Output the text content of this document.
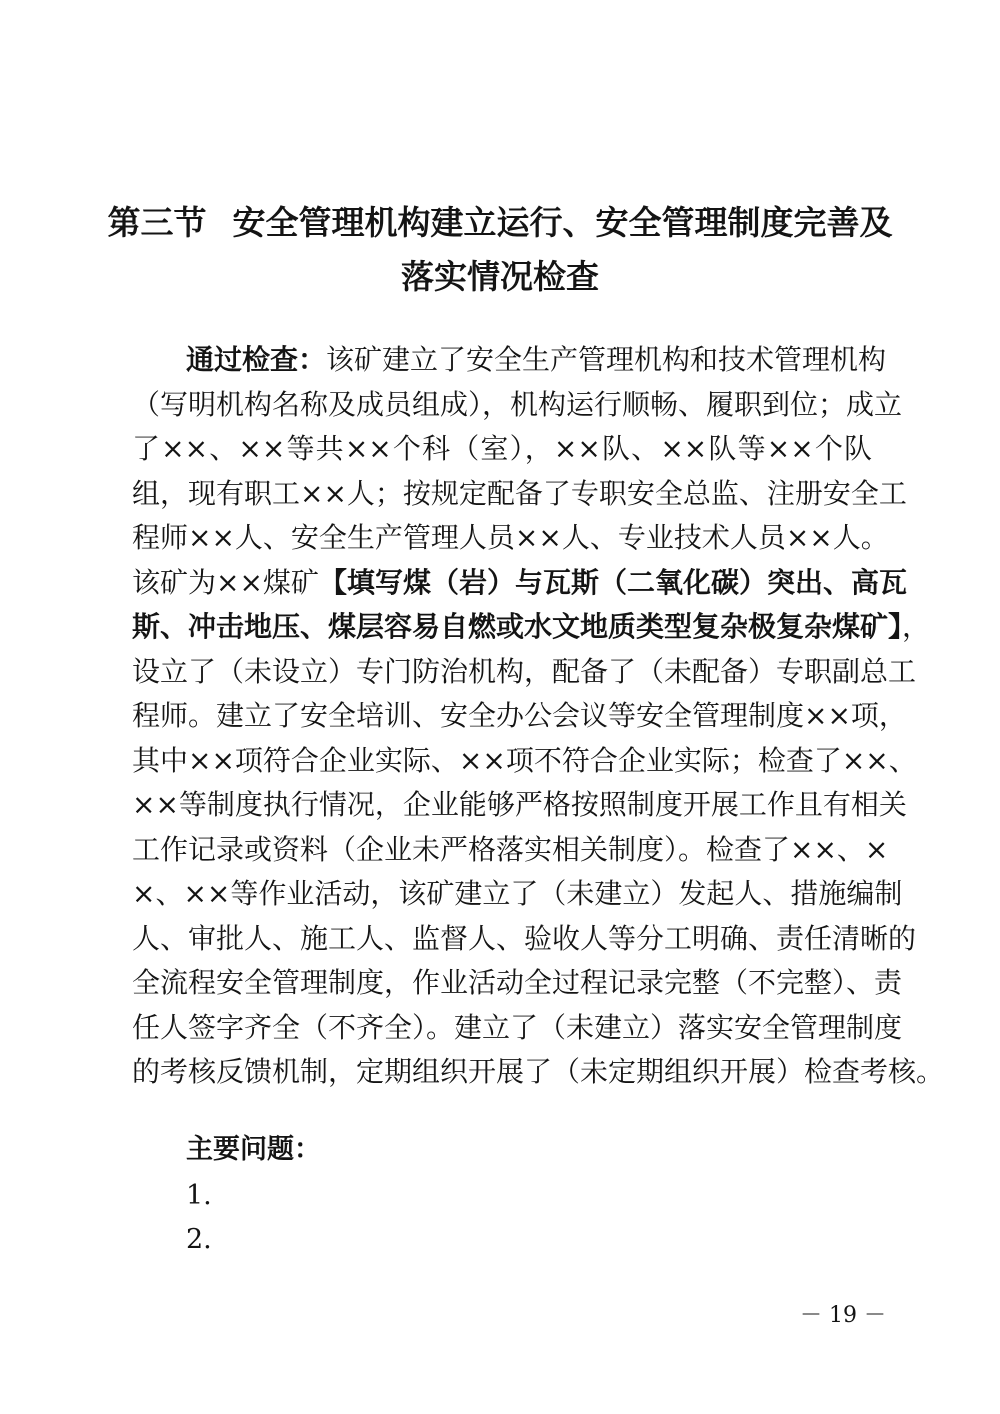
第三节 安全管理机构建立运行、安全管理制度完善及
落实情况检查
通过检查：该矿建立了安全生产管理机构和技术管理机构
（写明机构名称及成员组成），机构运行顺畅、履职到位；成立
了××、××等共××个科（室），××队、××队等××个队
组，现有职工××人；按规定配备了专职安全总监、注册安全工
程师××人、安全生产管理人员××人、专业技术人员××人。
该矿为××煤矿【填写煤（岩）与瓦斯（二氧化碳）突出、高瓦
斯、冲击地压、煤层容易自燃或水文地质类型复杂极复杂煤矿】，
设立了（未设立）专门防治机构，配备了（未配备）专职副总工
程师。建立了安全培训、安全办公会议等安全管理制度××项，
其中××项符合企业实际、××项不符合企业实际；检查了××、
××等制度执行情况，企业能够严格按照制度开展工作且有相关
工作记录或资料（企业未严格落实相关制度）。检查了××、×
×、××等作业活动，该矿建立了（未建立）发起人、措施编制
人、审批人、施工人、监督人、验收人等分工明确、责任清晰的
全流程安全管理制度，作业活动全过程记录完整（不完整）、责
任人签字齐全（不齐全）。建立了（未建立）落实安全管理制度
的考核反馈机制，定期组织开展了（未定期组织开展）检查考核。
主要问题：
1.
2.
－ 19 －
